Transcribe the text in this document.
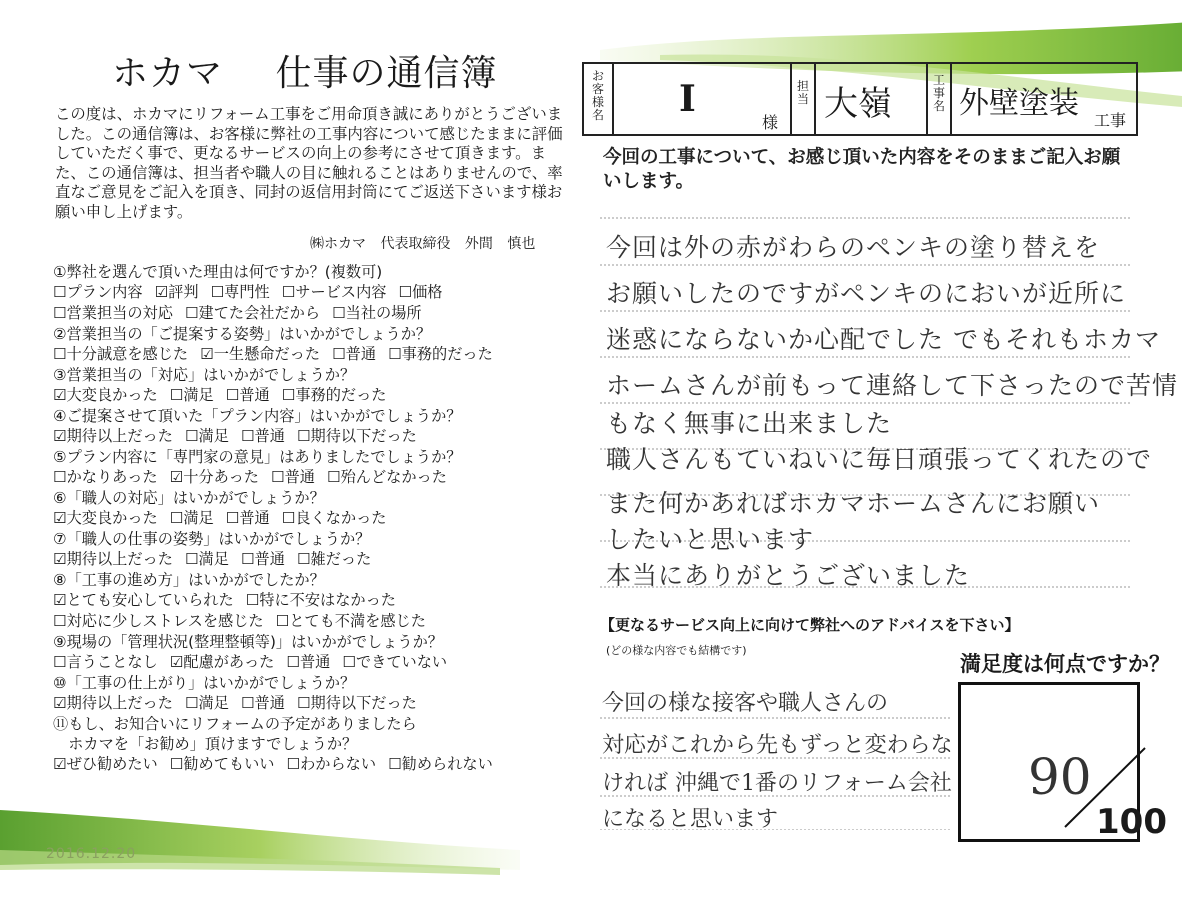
ホカマ 仕事の通信簿
この度は、ホカマにリフォーム工事をご用命頂き誠にありがとうございました。この通信簿は、お客様に弊社の工事内容について感じたままに評価していただく事で、更なるサービスの向上の参考にさせて頂きます。また、この通信簿は、担当者や職人の目に触れることはありませんので、率直なご意見をご記入を頂き、同封の返信用封筒にてご返送下さいます様お願い申し上げます。
㈱ホカマ 代表取締役 外間 慎也
①弊社を選んで頂いた理由は何ですか？(複数可)
☐プラン内容 ☑評判 ☐専門性 ☐サービス内容 ☐価格
☐営業担当の対応 ☐建てた会社だから ☐当社の場所
②営業担当の「ご提案する姿勢」はいかがでしょうか？
☐十分誠意を感じた ☑一生懸命だった ☐普通 ☐事務的だった
③営業担当の「対応」はいかがでしょうか？
☑大変良かった ☐満足 ☐普通 ☐事務的だった
④ご提案させて頂いた「プラン内容」はいかがでしょうか？
☑期待以上だった ☐満足 ☐普通 ☐期待以下だった
⑤プラン内容に「専門家の意見」はありましたでしょうか？
☐かなりあった ☑十分あった ☐普通 ☐殆んどなかった
⑥「職人の対応」はいかがでしょうか？
☑大変良かった ☐満足 ☐普通 ☐良くなかった
⑦「職人の仕事の姿勢」はいかがでしょうか？
☑期待以上だった ☐満足 ☐普通 ☐雑だった
⑧「工事の進め方」はいかがでしたか？
☑とても安心していられた ☐特に不安はなかった
☐対応に少しストレスを感じた ☐とても不満を感じた
⑨現場の「管理状況(整理整頓等)」はいかがでしょうか？
☐言うことなし ☑配慮があった ☐普通 ☐できていない
⑩「工事の仕上がり」はいかがでしょうか？
☑期待以上だった ☐満足 ☐普通 ☐期待以下だった
⑪もし、お知合いにリフォームの予定がありましたら
　ホカマを「お勧め」頂けますでしょうか？
☑ぜひ勧めたい ☐勧めてもいい ☐わからない ☐勧められない
お客様名 I
様
担当 大嶺
工事名 外壁塗装 工事
今回の工事について、お感じ頂いた内容をそのままご記入お願いします。
今回は外の赤がわらのペンキの塗り替えを
お願いしたのですがペンキのにおいが近所に
迷惑にならないか心配でした でもそれもホカマ
ホームさんが前もって連絡して下さったので苦情
もなく無事に出来ました
職人さんもていねいに毎日頑張ってくれたので
また何かあればホカマホームさんにお願い
したいと思います
本当にありがとうございました
【更なるサービス向上に向けて弊社へのアドバイスを下さい】
(どの様な内容でも結構です)
満足度は何点ですか？
今回の様な接客や職人さんの
対応がこれから先もずっと変わらな
ければ 沖縄で1番のリフォーム会社
になると思います
90
100
2016.12.20
